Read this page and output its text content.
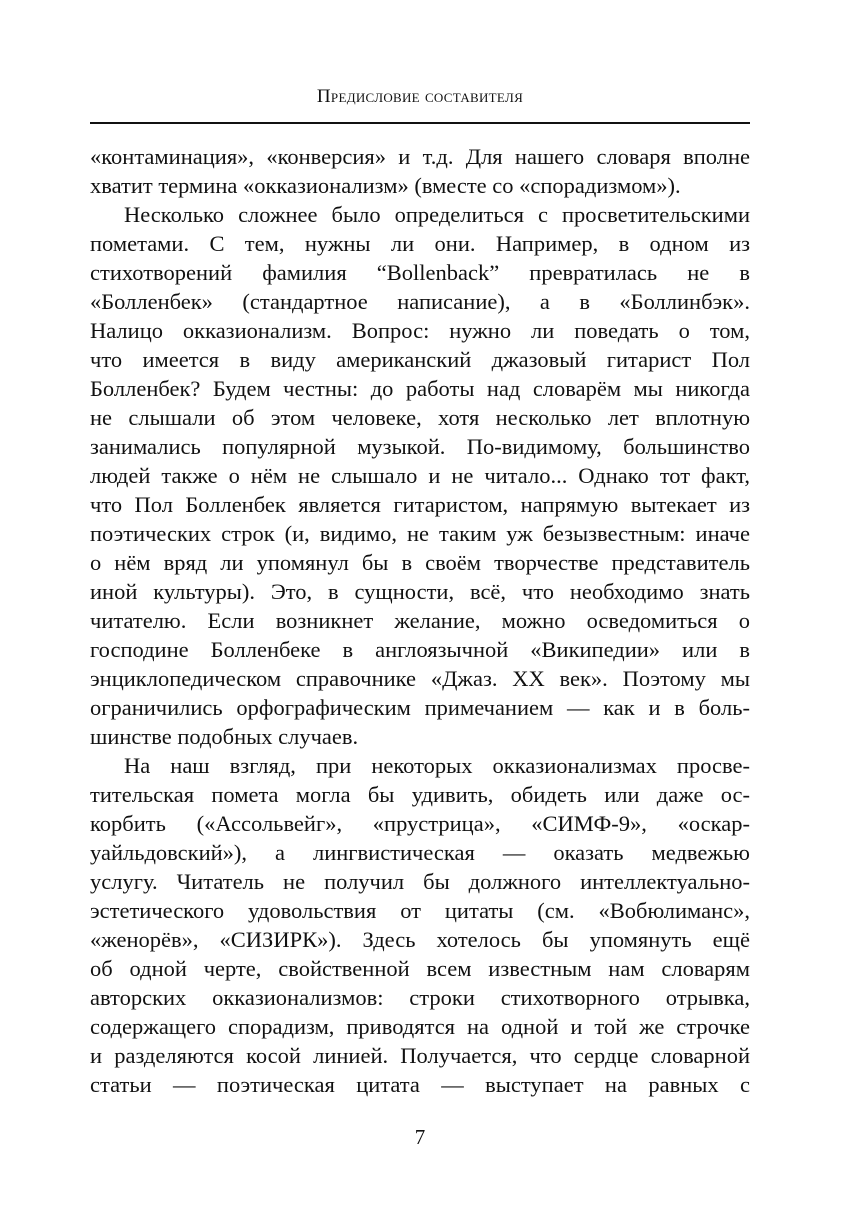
Предисловие составителя
«контаминация», «конверсия» и т.д. Для нашего словаря вполне
хватит термина «окказионализм» (вместе со «спорадизмом»).
Несколько сложнее было определиться с просветительскими
пометами. С тем, нужны ли они. Например, в одном из
стихотворений фамилия “Bollenback” превратилась не в
«Болленбек» (стандартное написание), а в «Боллинбэк».
Налицо окказионализм. Вопрос: нужно ли поведать о том,
что имеется в виду американский джазовый гитарист Пол
Болленбек? Будем честны: до работы над словарём мы никогда
не слышали об этом человеке, хотя несколько лет вплотную
занимались популярной музыкой. По-видимому, большинство
людей также о нём не слышало и не читало... Однако тот факт,
что Пол Болленбек является гитаристом, напрямую вытекает из
поэтических строк (и, видимо, не таким уж безызвестным: иначе
о нём вряд ли упомянул бы в своём творчестве представитель
иной культуры). Это, в сущности, всё, что необходимо знать
читателю. Если возникнет желание, можно осведомиться о
господине Болленбеке в англоязычной «Википедии» или в
энциклопедическом справочнике «Джаз. XX век». Поэтому мы
ограничились орфографическим примечанием — как и в боль-
шинстве подобных случаев.
На наш взгляд, при некоторых окказионализмах просве-
тительская помета могла бы удивить, обидеть или даже ос-
корбить («Ассольвейг», «прустрица», «СИМФ-9», «оскар-
уайльдовский»), а лингвистическая — оказать медвежью
услугу. Читатель не получил бы должного интеллектуально-
эстетического удовольствия от цитаты (см. «Вобюлиманс»,
«женорёв», «СИЗИРК»). Здесь хотелось бы упомянуть ещё
об одной черте, свойственной всем известным нам словарям
авторских окказионализмов: строки стихотворного отрывка,
содержащего спорадизм, приводятся на одной и той же строчке
и разделяются косой линией. Получается, что сердце словарной
статьи — поэтическая цитата — выступает на равных с
7
